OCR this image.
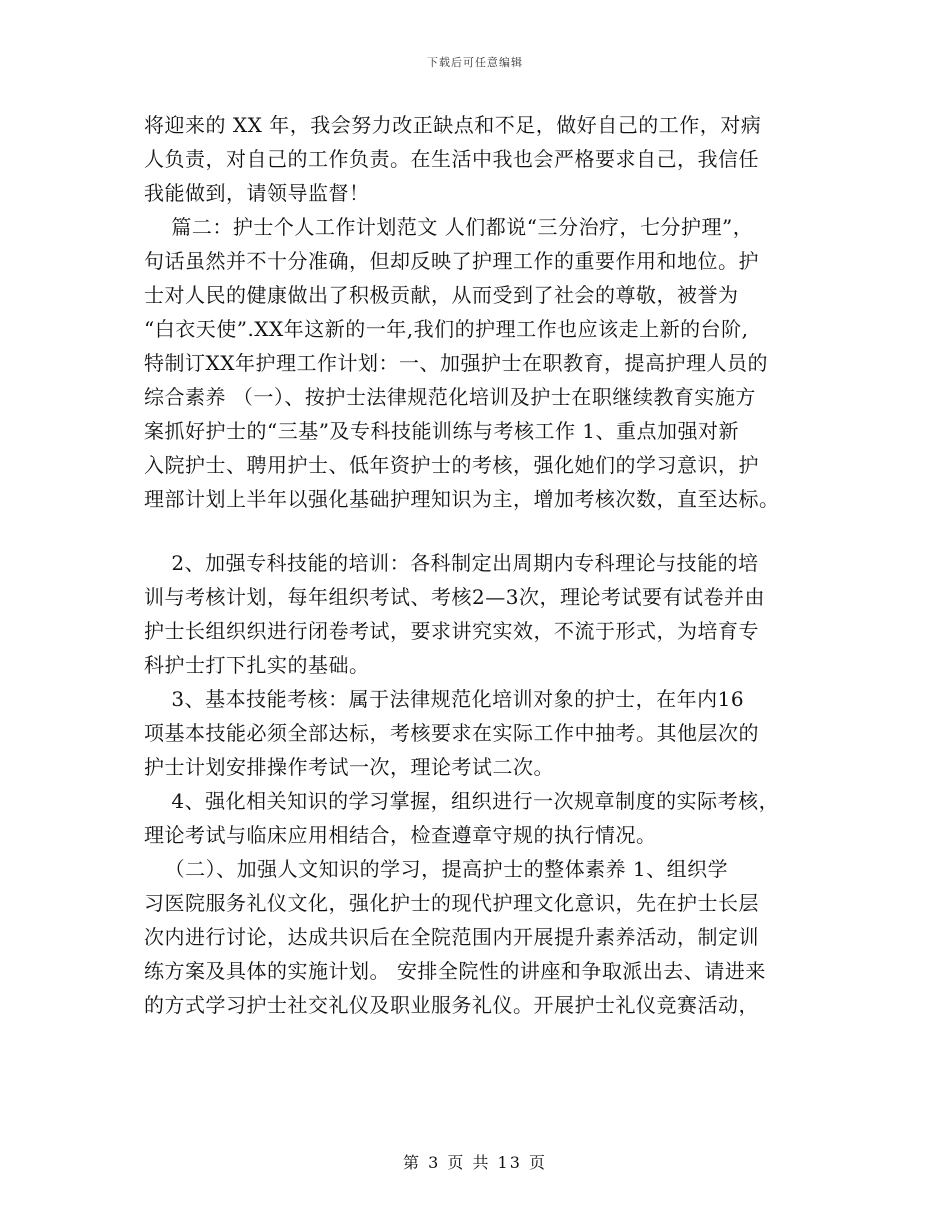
下载后可任意编辑
将迎来的 XX 年，我会努力改正缺点和不足，做好自己的工作，对病
人负责，对自己的工作负责。在生活中我也会严格要求自己，我信任
我能做到，请领导监督！
篇二：护士个人工作计划范文 人们都说“三分治疗，七分护理”，
句话虽然并不十分准确，但却反映了护理工作的重要作用和地位。护
士对人民的健康做出了积极贡献，从而受到了社会的尊敬，被誉为
“白衣天使”.XX年这新的一年,我们的护理工作也应该走上新的台阶,
特制订XX年护理工作计划：一、加强护士在职教育，提高护理人员的
综合素养 （一）、按护士法律规范化培训及护士在职继续教育实施方
案抓好护士的“三基”及专科技能训练与考核工作 1、重点加强对新
入院护士、聘用护士、低年资护士的考核，强化她们的学习意识，护
理部计划上半年以强化基础护理知识为主，增加考核次数，直至达标。
2、加强专科技能的培训：各科制定出周期内专科理论与技能的培
训与考核计划，每年组织考试、考核2—3次，理论考试要有试卷并由
护士长组织织进行闭卷考试，要求讲究实效，不流于形式，为培育专
科护士打下扎实的基础。
3、基本技能考核：属于法律规范化培训对象的护士，在年内16
项基本技能必须全部达标，考核要求在实际工作中抽考。其他层次的
护士计划安排操作考试一次，理论考试二次。
4、强化相关知识的学习掌握，组织进行一次规章制度的实际考核，
理论考试与临床应用相结合，检查遵章守规的执行情况。
（二）、加强人文知识的学习，提高护士的整体素养 1、组织学
习医院服务礼仪文化，强化护士的现代护理文化意识，先在护士长层
次内进行讨论，达成共识后在全院范围内开展提升素养活动，制定训
练方案及具体的实施计划。 安排全院性的讲座和争取派出去、请进来
的方式学习护士社交礼仪及职业服务礼仪。开展护士礼仪竞赛活动，
第 3 页 共 13 页
